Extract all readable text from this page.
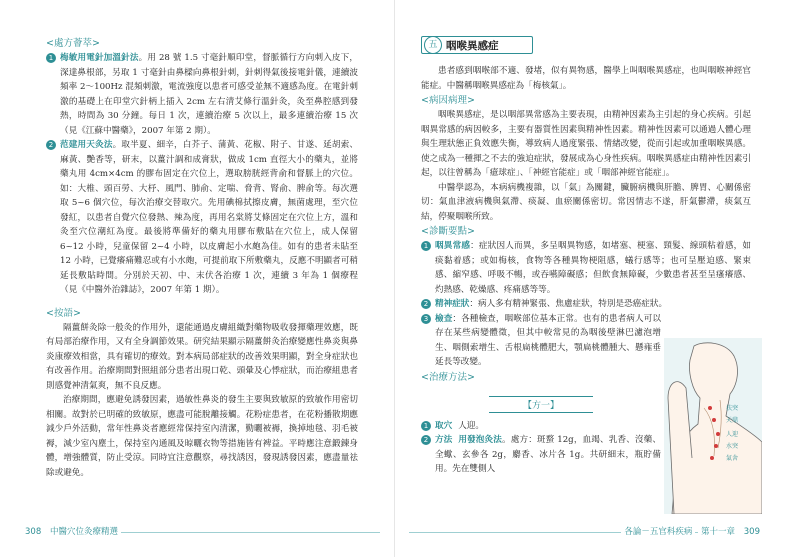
<處方薈萃>

1 梅敏用電針加溫針法。用 28 號 1.5 寸毫針順印堂，督脈循行方向刺入皮下，深達鼻根部，另取 1 寸毫針由鼻樑向鼻根針刺，針刺得氣後接電針儀，連續波頻率 2～100Hz 混頻刺激，電流強度以患者可感受並無不適感為度。在電針刺激的基礎上在印堂穴針柄上插入 2cm 左右清艾條行溫針灸，灸至鼻腔感到發熱，時間為 30 分鐘。每日 1 次，連續治療 5 次以上，最多連續治療 15 次（見《江蘇中醫藥》，2007 年第 2 期）。
2 范建用天灸法。取半夏、細辛，白芥子、蒲黃、花椒、附子、甘遂、延胡索、麻黃、艷香等，研末，以薑汁調和成膏狀，做成 1cm 直徑大小的藥丸，並將藥丸用 4cm×4cm 的膠布固定在穴位上，選取膀胱經背俞和督脈上的穴位。如：大椎、頭百勞、大杼、風門、肺俞、定喘、脅背、腎俞、脾俞等。每次選取 5~6 個穴位，每次治療交替取穴。先用碘棉拭擦皮膚，無菌處理，至穴位發紅，以患者自覺穴位發熱、辣為度，再用名棠將艾條固定在穴位上方，溫和灸至穴位潮紅為度。最後將準備好的藥丸用膠布敷貼在穴位上，成人保留 6~12 小時，兒童保留 2~4 小時，以皮膚起小水皰為佳。如有的患者未貼至 12 小時，已覺癢痛難忍或有小水皰，可提前取下所敷藥丸，反應不明顯者可稍延長敷貼時間。分別於天初、中、末伏各治療 1 次，連續 3 年為 1 個療程（見《中醫外治雜誌》，2007 年第 1 期）。

<按語>

隔薑餅灸除一般灸的作用外，還能通過皮膚組織對藥物吸收發揮藥理效應，既有局部治療作用，又有全身調節效果。研究結果顯示隔薑餅灸治療變應性鼻炎與鼻炎康療效相當，具有確切的療效。對本病局部症狀的改善效果明顯，對全身症狀也有改善作用。治療期間對照組部分患者出現口乾、頭暈及心悸症狀，而治療組患者則感覺神清氣爽，無不良反應。

治療期間，應避免誘發因素，過敏性鼻炎的發生主要與致敏原的致敏作用密切相關。故對於已明確的致敏原，應盡可能脫離接觸。花粉症患者，在花粉播散期應減少戶外活動，常年性鼻炎者應經常保持室內清潔，勤曬被褥，換掉地毯、羽毛被褥，減少室內塵土，保持室內通風及晾曬衣物等措施皆有裨益。平時應注意鍛鍊身體，增強體質，防止受涼。同時宜注意觀察，尋找誘因，發現誘發因素，應盡量祛除或避免。

308 中醫穴位灸療精選
五 咽喉異感症

患者感到咽喉部不適、發堵，似有異物感，醫學上叫咽喉異感症，也叫咽喉神經官能症。中醫稱咽喉異感症為「梅核氣」。

<病因病理>

咽喉異感症，是以咽部異常感為主要表現，由精神因素為主引起的身心疾病。引起咽異常感的病因較多，主要有器質性因素與精神性因素。精神性因素可以通過人體心理與生理狀態正負效應失衡，導致病人過度緊張、情緒改變，從而引起或加重咽喉異感。使之成為一種揮之不去的強迫症狀，發展成為心身性疾病。咽喉異感症由精神性因素引起，以往曾稱為「癔球症」、「神經官能症」或「咽部神經官能症」。

中醫學認為，本病病機複雜，以「氣」為關鍵，臟腑病機與肝膽、脾胃、心關係密切：氣血津液病機與氣滯、痰凝、血瘀關係密切。常因情志不遂，肝氣鬱滯，痰氣互結，停聚咽喉所致。

<診斷要點>

1 咽異常感：症狀因人而異，多呈咽異物感，如堵塞、梗塞、頸髮、線頭粘着感，如痰黏着感；或如梅核，食物等各種異物梗阻感，蟻行感等；也可呈壓迫感、緊束感、縮窄感、呼吸不暢，或吞嚥障礙感；但飲食無障礙，少數患者甚至呈瘙癢感、灼熱感、乾燥感、疼痛感等等。
2 精神症狀：病人多有精神緊張、焦慮症狀，特別是恐癌症狀。
3 檢查：各種檢查，咽喉部位基本正常。也有的患者病人可以存在某些病變體徵，但其中較常見的為咽後壁淋巴濾泡增生、咽側索增生、舌根扁桃體肥大，顎扁桃體腫大、懸雍垂延長等改變。

<治療方法>

【方一】
1 取穴 人迎。
2 方法 用發泡灸法。處方：斑蝥 12g，血竭、乳香、沒藥、全蠍、玄參各 2g，麝香、冰片各 1g。共研細末，瓶貯備用。先在雙側人
扶突
天鼎
人迎
水突
氣舍
各論－五官科疾病 第十一章 309
